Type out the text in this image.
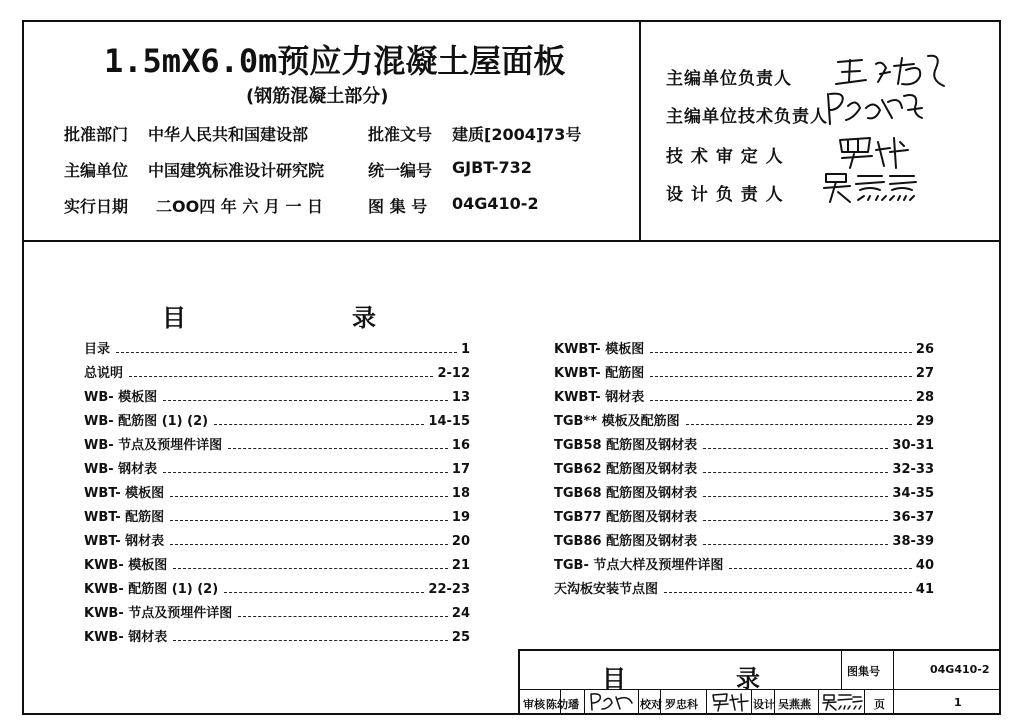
1.5mX6.0m预应力混凝土屋面板
(钢筋混凝土部分)
批准部门 中华人民共和国建设部	批准文号 建质[2004]73号
主编单位 中国建筑标准设计研究院	统一编号 GJBT-732
实行日期 二OO四 年 六 月 一 日	图 集 号 04G410-2
主编单位负责人
主编单位技术负责人
技 术 审 定 人
设 计 负 责 人
目	录
目录	1
总说明	2-12
WB- 模板图	13
WB- 配筋图 (1) (2)	14-15
WB- 节点及预埋件详图	16
WB- 钢材表	17
WBT- 模板图	18
WBT- 配筋图	19
WBT- 钢材表	20
KWB- 模板图	21
KWB- 配筋图 (1) (2)	22-23
KWB- 节点及预埋件详图	24
KWB- 钢材表	25
KWBT- 模板图	26
KWBT- 配筋图	27
KWBT- 钢材表	28
TGB** 模板及配筋图	29
TGB58 配筋图及钢材表	30-31
TGB62 配筋图及钢材表	32-33
TGB68 配筋图及钢材表	34-35
TGB77 配筋图及钢材表	36-37
TGB86 配筋图及钢材表	38-39
TGB- 节点大样及预埋件详图	40
天沟板安装节点图	41
目	录	图集号	04G410-2
审核 陈幼璠	校对 罗忠科	设计 吴燕燕	页	1
